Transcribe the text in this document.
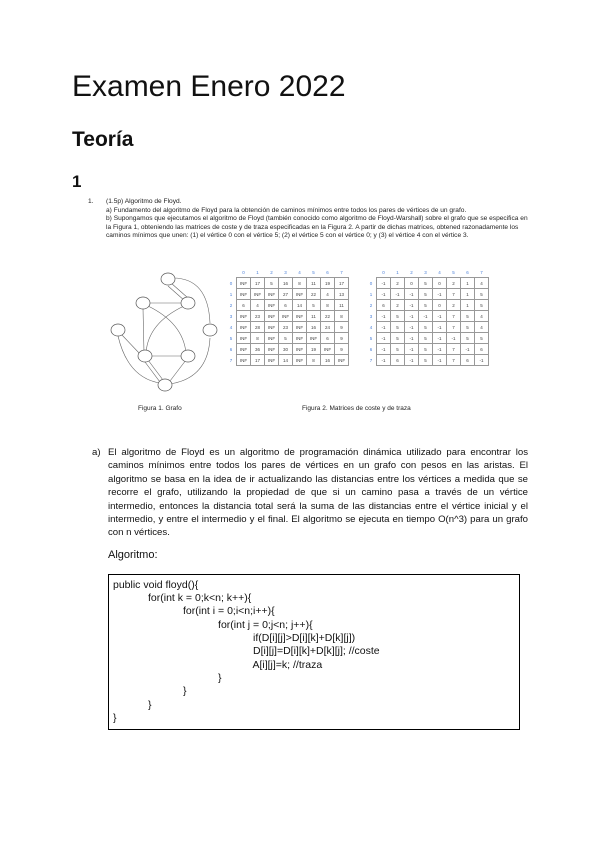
Examen Enero 2022
Teoría
1
1. (1.5p) Algoritmo de Floyd.
a) Fundamento del algoritmo de Floyd para la obtención de caminos mínimos entre todos los pares de vértices de un grafo.
b) Supongamos que ejecutamos el algoritmo de Floyd (también conocido como algoritmo de Floyd-Warshall) sobre el grafo que se especifica en la Figura 1, obteniendo las matrices de coste y de traza especificadas en la Figura 2. A partir de dichas matrices, obtened razonadamente los caminos mínimos que unen: (1) el vértice 0 con el vértice 5; (2) el vértice 5 con el vértice 0; y (3) el vértice 4 con el vértice 3.
Figura 1. Grafo	Figura 2. Matrices de coste y de traza
	0	1	2	3	4	5	6	7
0	INF	17	5	16	8	11	19	17
1	INF	INF	INF	27	INF	22	4	13
2	6	4	INF	6	14	5	8	11
3	INF	23	INF	INF	INF	11	22	8
4	INF	28	INF	23	INF	16	24	9
5	INF	8	INF	5	INF	INF	6	9
6	INF	36	INF	30	INF	19	INF	9
7	INF	17	INF	14	INF	8	16	INF
	0	1	2	3	4	5	6	7
0	-1	2	0	5	0	2	1	4
1	-1	-1	-1	5	-1	7	1	5
2	6	2	-1	5	0	2	1	5
3	-1	5	-1	-1	-1	7	5	4
4	-1	5	-1	5	-1	7	5	4
5	-1	5	-1	5	-1	-1	5	5
6	-1	5	-1	5	-1	7	-1	6
7	-1	6	-1	5	-1	7	6	-1
a) El algoritmo de Floyd es un algoritmo de programación dinámica utilizado para encontrar los caminos mínimos entre todos los pares de vértices en un grafo con pesos en las aristas. El algoritmo se basa en la idea de ir actualizando las distancias entre los vértices a medida que se recorre el grafo, utilizando la propiedad de que si un camino pasa a través de un vértice intermedio, entonces la distancia total será la suma de las distancias entre el vértice inicial y el intermedio, y entre el intermedio y el final. El algoritmo se ejecuta en tiempo O(n^3) para un grafo con n vértices.
Algoritmo:
public void floyd(){
for(int k = 0;k<n; k++){
for(int i = 0;i<n;i++){
for(int j = 0;j<n; j++){
if(D[i][j]>D[i][k]+D[k][j])
D[i][j]=D[i][k]+D[k][j]; //coste
A[i][j]=k; //traza
}
}
}
}
